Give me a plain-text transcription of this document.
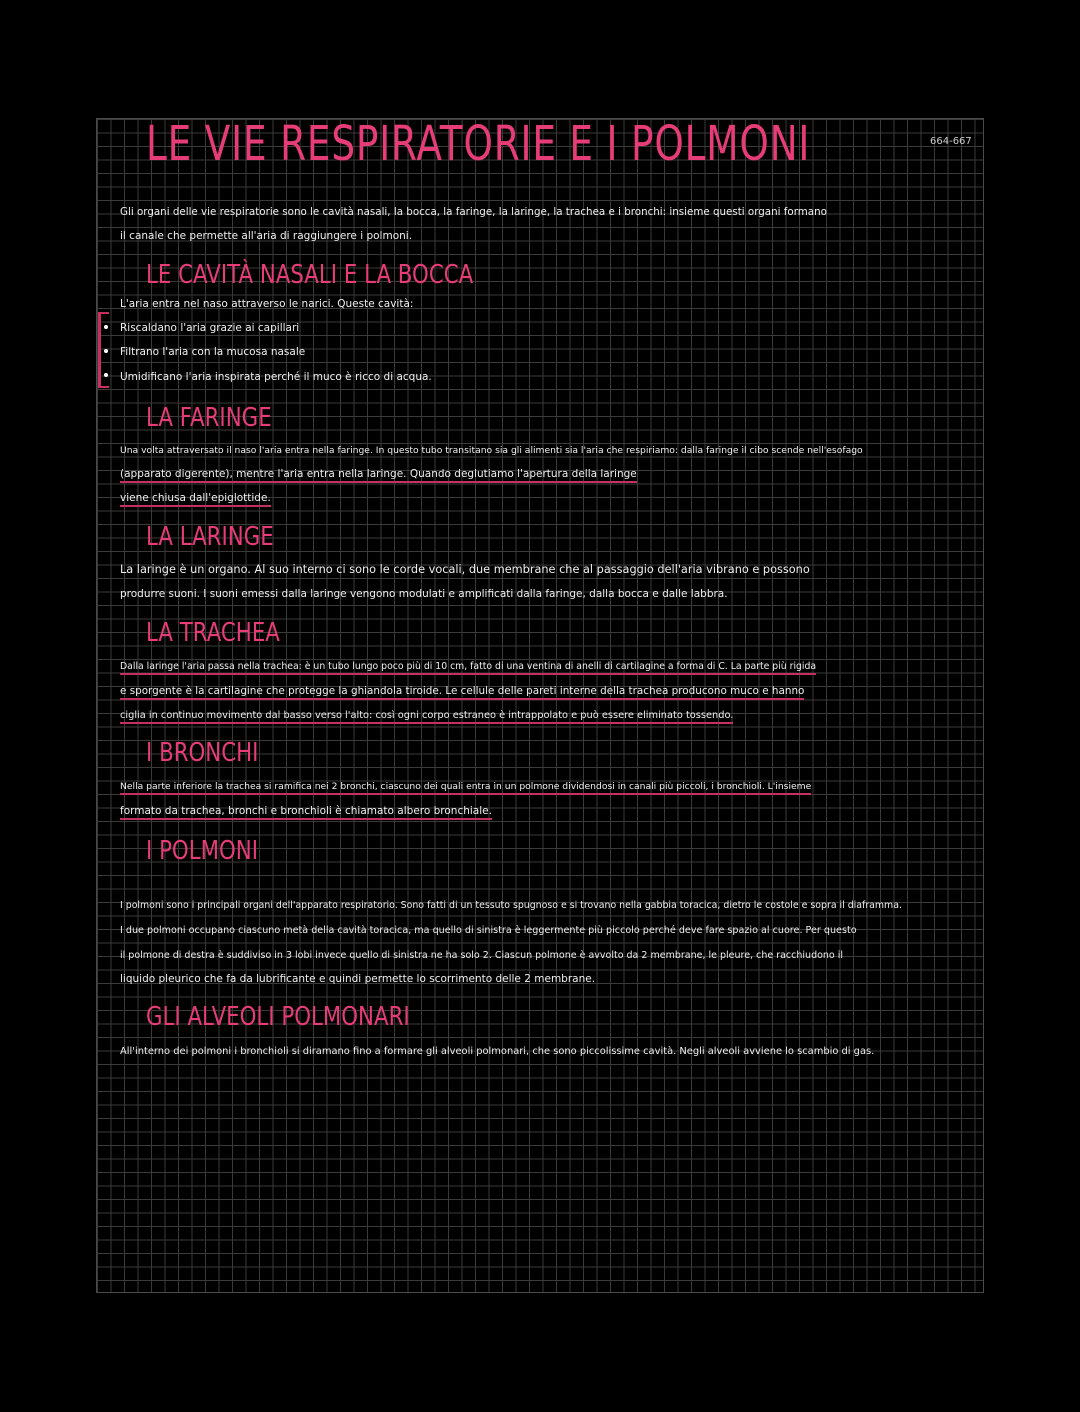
LE VIE RESPIRATORIE E I POLMONI	664-667
Gli organi delle vie respiratorie sono le cavità nasali, la bocca, la faringe, la laringe, la trachea e i bronchi: insieme questi organi formano
il canale che permette all'aria di raggiungere i polmoni.
LE CAVITÀ NASALI E LA BOCCA
L'aria entra nel naso attraverso le narici. Queste cavità:
Riscaldano l'aria grazie ai capillari
Filtrano l'aria con la mucosa nasale
Umidificano l'aria inspirata perché il muco è ricco di acqua.
LA FARINGE
Una volta attraversato il naso l'aria entra nella faringe. In questo tubo transitano sia gli alimenti sia l'aria che respiriamo: dalla faringe il cibo scende nell'esofago
(apparato digerente), mentre l'aria entra nella laringe. Quando deglutiamo l'apertura della laringe
viene chiusa dall'epiglottide.
LA LARINGE
La laringe è un organo. Al suo interno ci sono le corde vocali, due membrane che al passaggio dell'aria vibrano e possono
produrre suoni. I suoni emessi dalla laringe vengono modulati e amplificati dalla faringe, dalla bocca e dalle labbra.
LA TRACHEA
Dalla laringe l'aria passa nella trachea: è un tubo lungo poco più di 10 cm, fatto di una ventina di anelli di cartilagine a forma di C. La parte più rigida
e sporgente è la cartilagine che protegge la ghiandola tiroide. Le cellule delle pareti interne della trachea producono muco e hanno
ciglia in continuo movimento dal basso verso l'alto: così ogni corpo estraneo è intrappolato e può essere eliminato tossendo.
I BRONCHI
Nella parte inferiore la trachea si ramifica nei 2 bronchi, ciascuno dei quali entra in un polmone dividendosi in canali più piccoli, i bronchioli. L'insieme
formato da trachea, bronchi e bronchioli è chiamato albero bronchiale.
I POLMONI
I polmoni sono i principali organi dell'apparato respiratorio. Sono fatti di un tessuto spugnoso e si trovano nella gabbia toracica, dietro le costole e sopra il diaframma.
I due polmoni occupano ciascuno metà della cavità toracica, ma quello di sinistra è leggermente più piccolo perché deve fare spazio al cuore. Per questo
il polmone di destra è suddiviso in 3 lobi invece quello di sinistra ne ha solo 2. Ciascun polmone è avvolto da 2 membrane, le pleure, che racchiudono il
liquido pleurico che fa da lubrificante e quindi permette lo scorrimento delle 2 membrane.
GLI ALVEOLI POLMONARI
All'interno dei polmoni i bronchioli si diramano fino a formare gli alveoli polmonari, che sono piccolissime cavità. Negli alveoli avviene lo scambio di gas.
